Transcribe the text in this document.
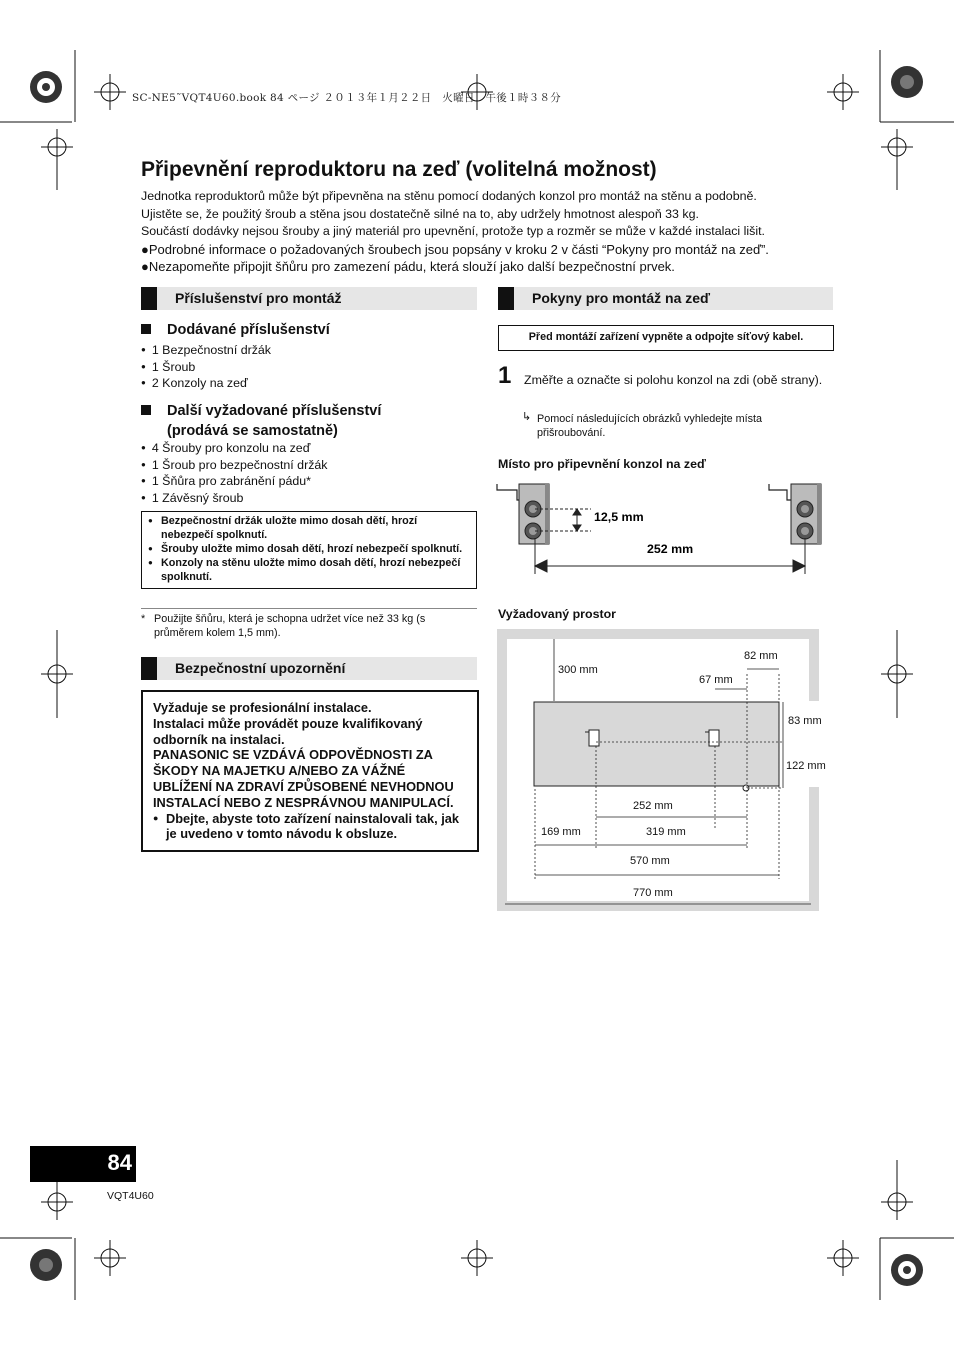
SC-NE5˜VQT4U60.book 84 ページ ２０１３年１月２２日　火曜日　午後１時３８分
Připevnění reproduktoru na zeď (volitelná možnost)
Jednotka reproduktorů může být připevněna na stěnu pomocí dodaných konzol pro montáž na stěnu a podobně.
Ujistěte se, že použitý šroub a stěna jsou dostatečně silné na to, aby udržely hmotnost alespoň 33 kg.
Součástí dodávky nejsou šrouby a jiný materiál pro upevnění, protože typ a rozměr se může v každé instalaci lišit.
●Podrobné informace o požadovaných šroubech jsou popsány v kroku 2 v části “Pokyny pro montáž na zeď”.
●Nezapomeňte připojit šňůru pro zamezení pádu, která slouží jako další bezpečnostní prvek.
Příslušenství pro montáž
Dodávané příslušenství
● 1 Bezpečnostní držák
● 1 Šroub
● 2 Konzoly na zeď
Další vyžadované příslušenství
(prodává se samostatně)
● 4 Šrouby pro konzolu na zeď
● 1 Šroub pro bezpečnostní držák
● 1 Šňůra pro zabránění pádu*
● 1 Závěsný šroub
● Bezpečnostní držák uložte mimo dosah dětí, hrozí nebezpečí spolknutí.
● Šrouby uložte mimo dosah dětí, hrozí nebezpečí spolknutí.
● Konzoly na stěnu uložte mimo dosah dětí, hrozí nebezpečí spolknutí.
* Použijte šňůru, která je schopna udržet více než 33 kg (s průměrem kolem 1,5 mm).
Bezpečnostní upozornění
Vyžaduje se profesionální instalace.
Instalaci může provádět pouze kvalifikovaný odborník na instalaci.
PANASONIC SE VZDÁVÁ ODPOVĚDNOSTI ZA ŠKODY NA MAJETKU A/NEBO ZA VÁŽNÉ UBLÍŽENÍ NA ZDRAVÍ ZPŮSOBENÉ NEVHODNOU INSTALACÍ NEBO Z NESPRÁVNOU MANIPULACÍ.
● Dbejte, abyste toto zařízení nainstalovali tak, jak je uvedeno v tomto návodu k obsluze.
Pokyny pro montáž na zeď
Před montáží zařízení vypněte a odpojte síťový kabel.
1 Změřte a označte si polohu konzol na zdi (obě strany).
↳ Pomocí následujících obrázků vyhledejte místa přišroubování.
Místo pro připevnění konzol na zeď
12,5 mm
252 mm
Vyžadovaný prostor
300 mm
82 mm
67 mm
83 mm
122 mm
252 mm
169 mm	319 mm
570 mm
770 mm
84
VQT4U60
